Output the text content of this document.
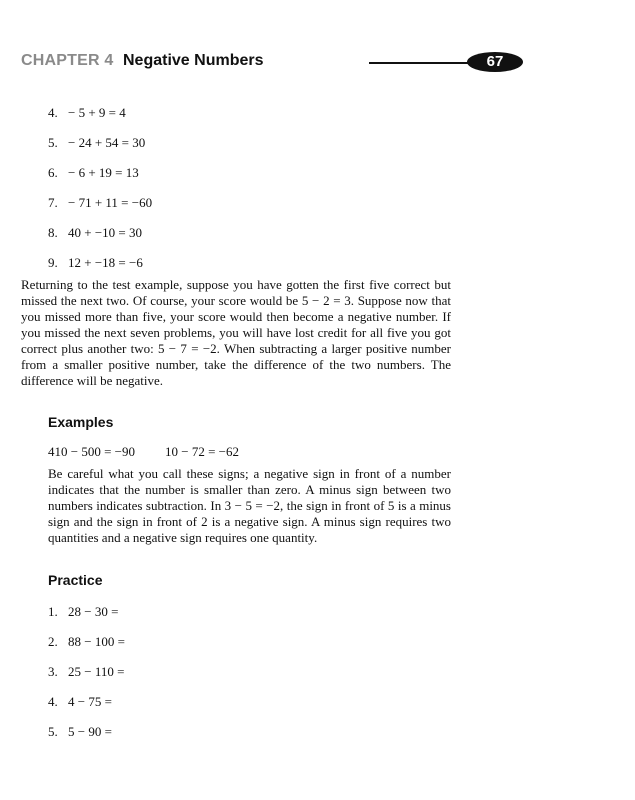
CHAPTER 4 Negative Numbers	67
4. − 5 + 9 = 4
5. − 24 + 54 = 30
6. − 6 + 19 = 13
7. − 71 + 11 = −60
8. 40 + −10 = 30
9. 12 + −18 = −6

Returning to the test example, suppose you have gotten the first five correct but missed the next two. Of course, your score would be 5 − 2 = 3. Suppose now that you missed more than five, your score would then become a negative number. If you missed the next seven problems, you will have lost credit for all five you got correct plus another two: 5 − 7 = −2. When subtracting a larger positive number from a smaller positive number, take the difference of the two numbers. The difference will be negative.

Examples
410 − 500 = −90 10 − 72 = −62

Be careful what you call these signs; a negative sign in front of a number indicates that the number is smaller than zero. A minus sign between two numbers indicates subtraction. In 3 − 5 = −2, the sign in front of 5 is a minus sign and the sign in front of 2 is a negative sign. A minus sign requires two quantities and a negative sign requires one quantity.

Practice
1. 28 − 30 =
2. 88 − 100 =
3. 25 − 110 =
4. 4 − 75 =
5. 5 − 90 =
